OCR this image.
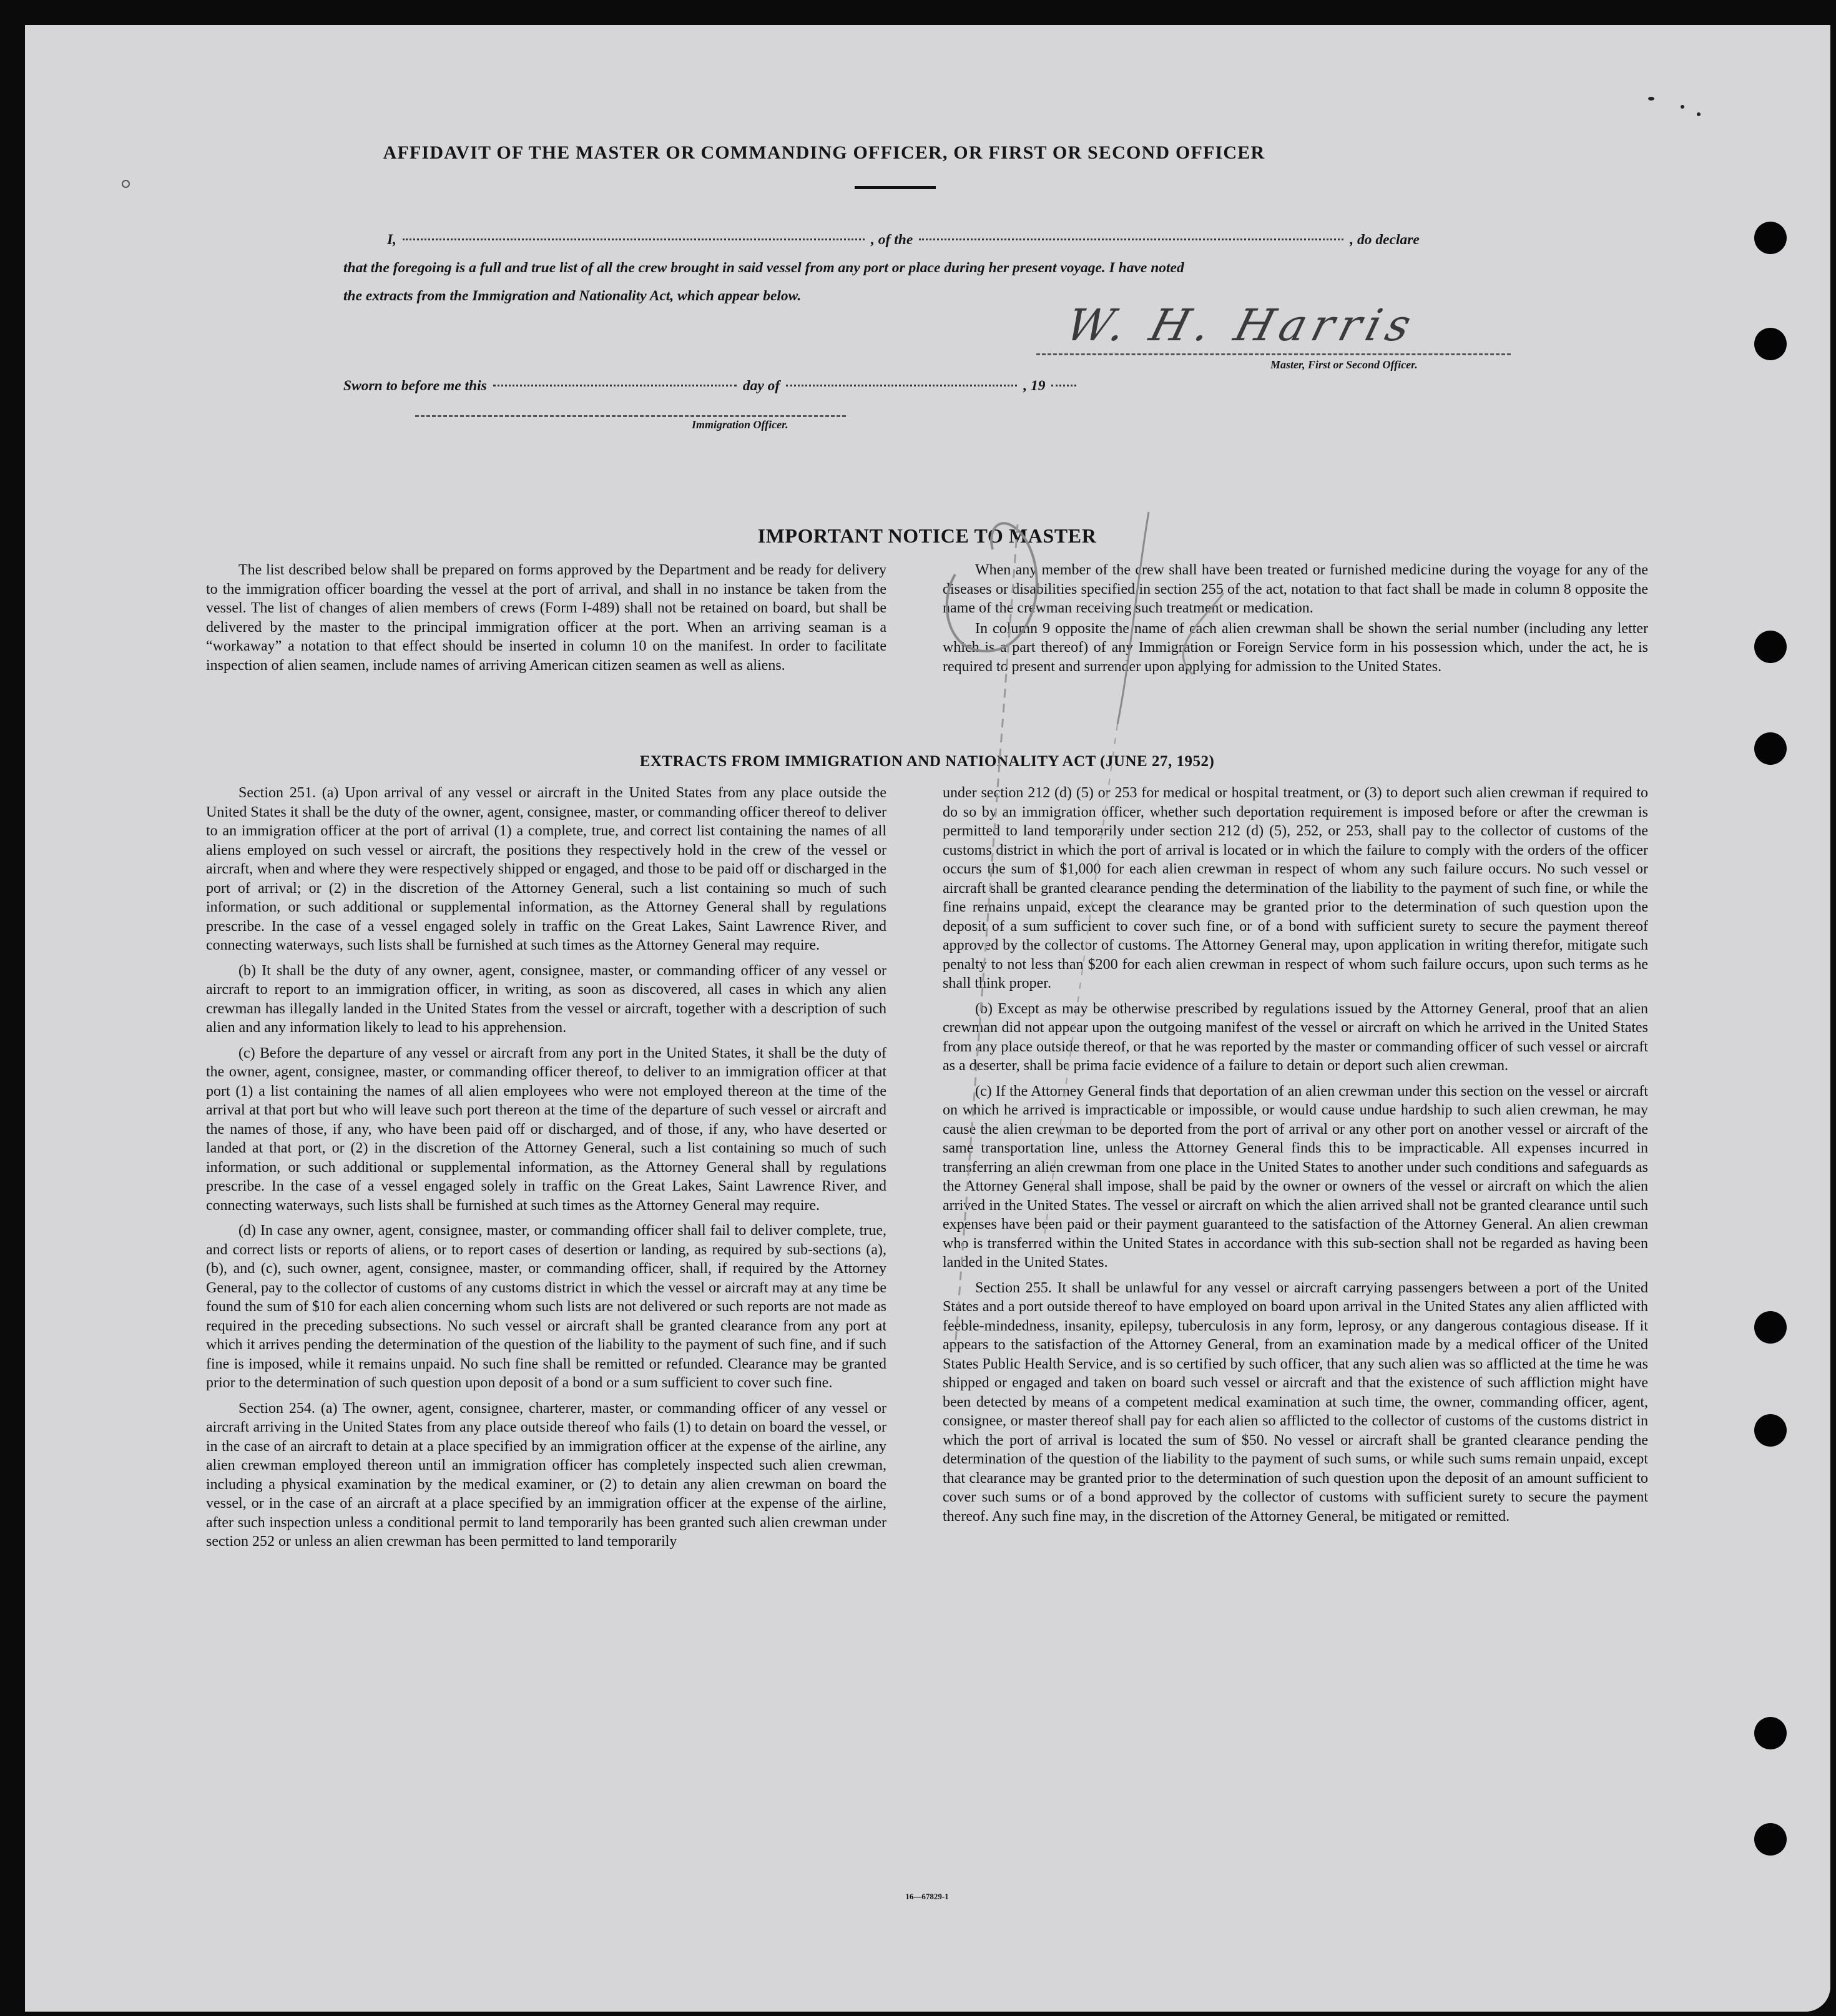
AFFIDAVIT OF THE MASTER OR COMMANDING OFFICER, OR FIRST OR SECOND OFFICER
I,	, of the	, do declare
that the foregoing is a full and true list of all the crew brought in said vessel from any port or place during her present voyage. I have noted
the extracts from the Immigration and Nationality Act, which appear below.
W. H. Harris
Master, First or Second Officer.
Sworn to before me this	day of	, 19
Immigration Officer.
IMPORTANT NOTICE TO MASTER

The list described below shall be prepared on forms approved by the Department and be ready for delivery to the immigration officer boarding the vessel at the port of arrival, and shall in no instance be taken from the vessel. The list of changes of alien members of crews (Form I-489) shall not be retained on board, but shall be delivered by the master to the principal immigration officer at the port. When an arriving seaman is a “workaway” a notation to that effect should be inserted in column 10 on the manifest. In order to facilitate inspection of alien seamen, include names of arriving American citizen seamen as well as aliens.

When any member of the crew shall have been treated or furnished medicine during the voyage for any of the diseases or disabilities specified in section 255 of the act, notation to that fact shall be made in column 8 opposite the name of the crewman receiving such treatment or medication.

In column 9 opposite the name of each alien crewman shall be shown the serial number (including any letter which is a part thereof) of any Immigration or Foreign Service form in his possession which, under the act, he is required to present and surrender upon applying for admission to the United States.

EXTRACTS FROM IMMIGRATION AND NATIONALITY ACT (JUNE 27, 1952)

Section 251. (a) Upon arrival of any vessel or aircraft in the United States from any place outside the United States it shall be the duty of the owner, agent, consignee, master, or commanding officer thereof to deliver to an immigration officer at the port of arrival (1) a complete, true, and correct list containing the names of all aliens employed on such vessel or aircraft, the positions they respectively hold in the crew of the vessel or aircraft, when and where they were respectively shipped or engaged, and those to be paid off or discharged in the port of arrival; or (2) in the discretion of the Attorney General, such a list containing so much of such information, or such additional or supplemental information, as the Attorney General shall by regulations prescribe. In the case of a vessel engaged solely in traffic on the Great Lakes, Saint Lawrence River, and connecting waterways, such lists shall be furnished at such times as the Attorney General may require.

(b) It shall be the duty of any owner, agent, consignee, master, or commanding officer of any vessel or aircraft to report to an immigration officer, in writing, as soon as discovered, all cases in which any alien crewman has illegally landed in the United States from the vessel or aircraft, together with a description of such alien and any information likely to lead to his apprehension.

(c) Before the departure of any vessel or aircraft from any port in the United States, it shall be the duty of the owner, agent, consignee, master, or commanding officer thereof, to deliver to an immigration officer at that port (1) a list containing the names of all alien employees who were not employed thereon at the time of the arrival at that port but who will leave such port thereon at the time of the departure of such vessel or aircraft and the names of those, if any, who have been paid off or discharged, and of those, if any, who have deserted or landed at that port, or (2) in the discretion of the Attorney General, such a list containing so much of such information, or such additional or supplemental information, as the Attorney General shall by regulations prescribe. In the case of a vessel engaged solely in traffic on the Great Lakes, Saint Lawrence River, and connecting waterways, such lists shall be furnished at such times as the Attorney General may require.

(d) In case any owner, agent, consignee, master, or commanding officer shall fail to deliver complete, true, and correct lists or reports of aliens, or to report cases of desertion or landing, as required by sub-sections (a), (b), and (c), such owner, agent, consignee, master, or commanding officer, shall, if required by the Attorney General, pay to the collector of customs of any customs district in which the vessel or aircraft may at any time be found the sum of $10 for each alien concerning whom such lists are not delivered or such reports are not made as required in the preceding subsections. No such vessel or aircraft shall be granted clearance from any port at which it arrives pending the determination of the question of the liability to the payment of such fine, and if such fine is imposed, while it remains unpaid. No such fine shall be remitted or refunded. Clearance may be granted prior to the determination of such question upon deposit of a bond or a sum sufficient to cover such fine.

Section 254. (a) The owner, agent, consignee, charterer, master, or commanding officer of any vessel or aircraft arriving in the United States from any place outside thereof who fails (1) to detain on board the vessel, or in the case of an aircraft to detain at a place specified by an immigration officer at the expense of the airline, any alien crewman employed thereon until an immigration officer has completely inspected such alien crewman, including a physical examination by the medical examiner, or (2) to detain any alien crewman on board the vessel, or in the case of an aircraft at a place specified by an immigration officer at the expense of the airline, after such inspection unless a conditional permit to land temporarily has been granted such alien crewman under section 252 or unless an alien crewman has been permitted to land temporarily

under section 212 (d) (5) or 253 for medical or hospital treatment, or (3) to deport such alien crewman if required to do so by an immigration officer, whether such deportation requirement is imposed before or after the crewman is permitted to land temporarily under section 212 (d) (5), 252, or 253, shall pay to the collector of customs of the customs district in which the port of arrival is located or in which the failure to comply with the orders of the officer occurs the sum of $1,000 for each alien crewman in respect of whom any such failure occurs. No such vessel or aircraft shall be granted clearance pending the determination of the liability to the payment of such fine, or while the fine remains unpaid, except the clearance may be granted prior to the determination of such question upon the deposit of a sum sufficient to cover such fine, or of a bond with sufficient surety to secure the payment thereof approved by the collector of customs. The Attorney General may, upon application in writing therefor, mitigate such penalty to not less than $200 for each alien crewman in respect of whom such failure occurs, upon such terms as he shall think proper.

(b) Except as may be otherwise prescribed by regulations issued by the Attorney General, proof that an alien crewman did not appear upon the outgoing manifest of the vessel or aircraft on which he arrived in the United States from any place outside thereof, or that he was reported by the master or commanding officer of such vessel or aircraft as a deserter, shall be prima facie evidence of a failure to detain or deport such alien crewman.

(c) If the Attorney General finds that deportation of an alien crewman under this section on the vessel or aircraft on which he arrived is impracticable or impossible, or would cause undue hardship to such alien crewman, he may cause the alien crewman to be deported from the port of arrival or any other port on another vessel or aircraft of the same transportation line, unless the Attorney General finds this to be impracticable. All expenses incurred in transferring an alien crewman from one place in the United States to another under such conditions and safeguards as the Attorney General shall impose, shall be paid by the owner or owners of the vessel or aircraft on which the alien arrived in the United States. The vessel or aircraft on which the alien arrived shall not be granted clearance until such expenses have been paid or their payment guaranteed to the satisfaction of the Attorney General. An alien crewman who is transferred within the United States in accordance with this sub-section shall not be regarded as having been landed in the United States.

Section 255. It shall be unlawful for any vessel or aircraft carrying passengers between a port of the United States and a port outside thereof to have employed on board upon arrival in the United States any alien afflicted with feeble-mindedness, insanity, epilepsy, tuberculosis in any form, leprosy, or any dangerous contagious disease. If it appears to the satisfaction of the Attorney General, from an examination made by a medical officer of the United States Public Health Service, and is so certified by such officer, that any such alien was so afflicted at the time he was shipped or engaged and taken on board such vessel or aircraft and that the existence of such affliction might have been detected by means of a competent medical examination at such time, the owner, commanding officer, agent, consignee, or master thereof shall pay for each alien so afflicted to the collector of customs of the customs district in which the port of arrival is located the sum of $50. No vessel or aircraft shall be granted clearance pending the determination of the question of the liability to the payment of such sums, or while such sums remain unpaid, except that clearance may be granted prior to the determination of such question upon the deposit of an amount sufficient to cover such sums or of a bond approved by the collector of customs with sufficient surety to secure the payment thereof. Any such fine may, in the discretion of the Attorney General, be mitigated or remitted.

16—67829-1
